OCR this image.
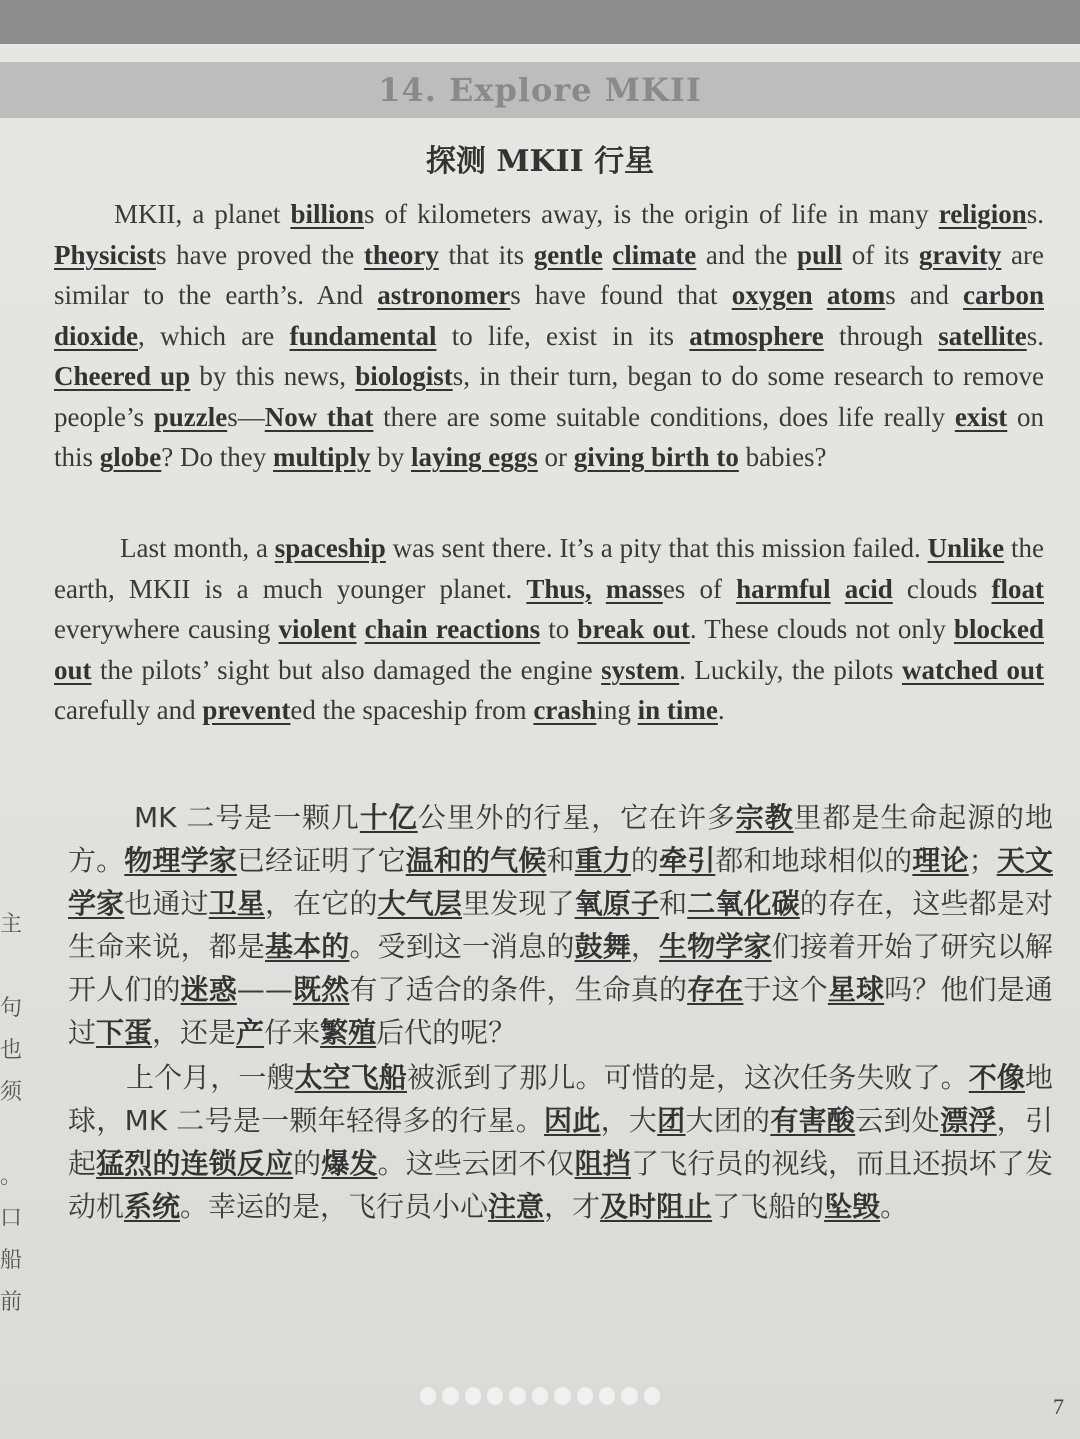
14. Explore MKII
探测 MKII 行星

MKII, a planet billions of kilometers away, is the origin of life in many religions. Physicists have proved the theory that its gentle climate and the pull of its gravity are similar to the earth’s. And astronomers have found that oxygen atoms and carbon dioxide, which are fundamental to life, exist in its atmosphere through satellites. Cheered up by this news, biologists, in their turn, began to do some research to remove people’s puzzles—Now that there are some suitable conditions, does life really exist on this globe? Do they multiply by laying eggs or giving birth to babies?

Last month, a spaceship was sent there. It’s a pity that this mission failed. Unlike the earth, MKII is a much younger planet. Thus, masses of harmful acid clouds float everywhere causing violent chain reactions to break out. These clouds not only blocked out the pilots’ sight but also damaged the engine system. Luckily, the pilots watched out carefully and prevented the spaceship from crashing in time.

MK 二号是一颗几十亿公里外的行星，它在许多宗教里都是生命起源的地方。物理学家已经证明了它温和的气候和重力的牵引都和地球相似的理论；天文学家也通过卫星，在它的大气层里发现了氧原子和二氧化碳的存在，这些都是对生命来说，都是基本的。受到这一消息的鼓舞，生物学家们接着开始了研究以解开人们的迷惑——既然有了适合的条件，生命真的存在于这个星球吗？他们是通过下蛋，还是产仔来繁殖后代的呢？

上个月，一艘太空飞船被派到了那儿。可惜的是，这次任务失败了。不像地球，MK 二号是一颗年轻得多的行星。因此，大团大团的有害酸云到处漂浮，引起猛烈的连锁反应的爆发。这些云团不仅阻挡了飞行员的视线，而且还损坏了发动机系统。幸运的是，飞行员小心注意，才及时阻止了飞船的坠毁。

主

句
也
须

。
口
船
前
7
